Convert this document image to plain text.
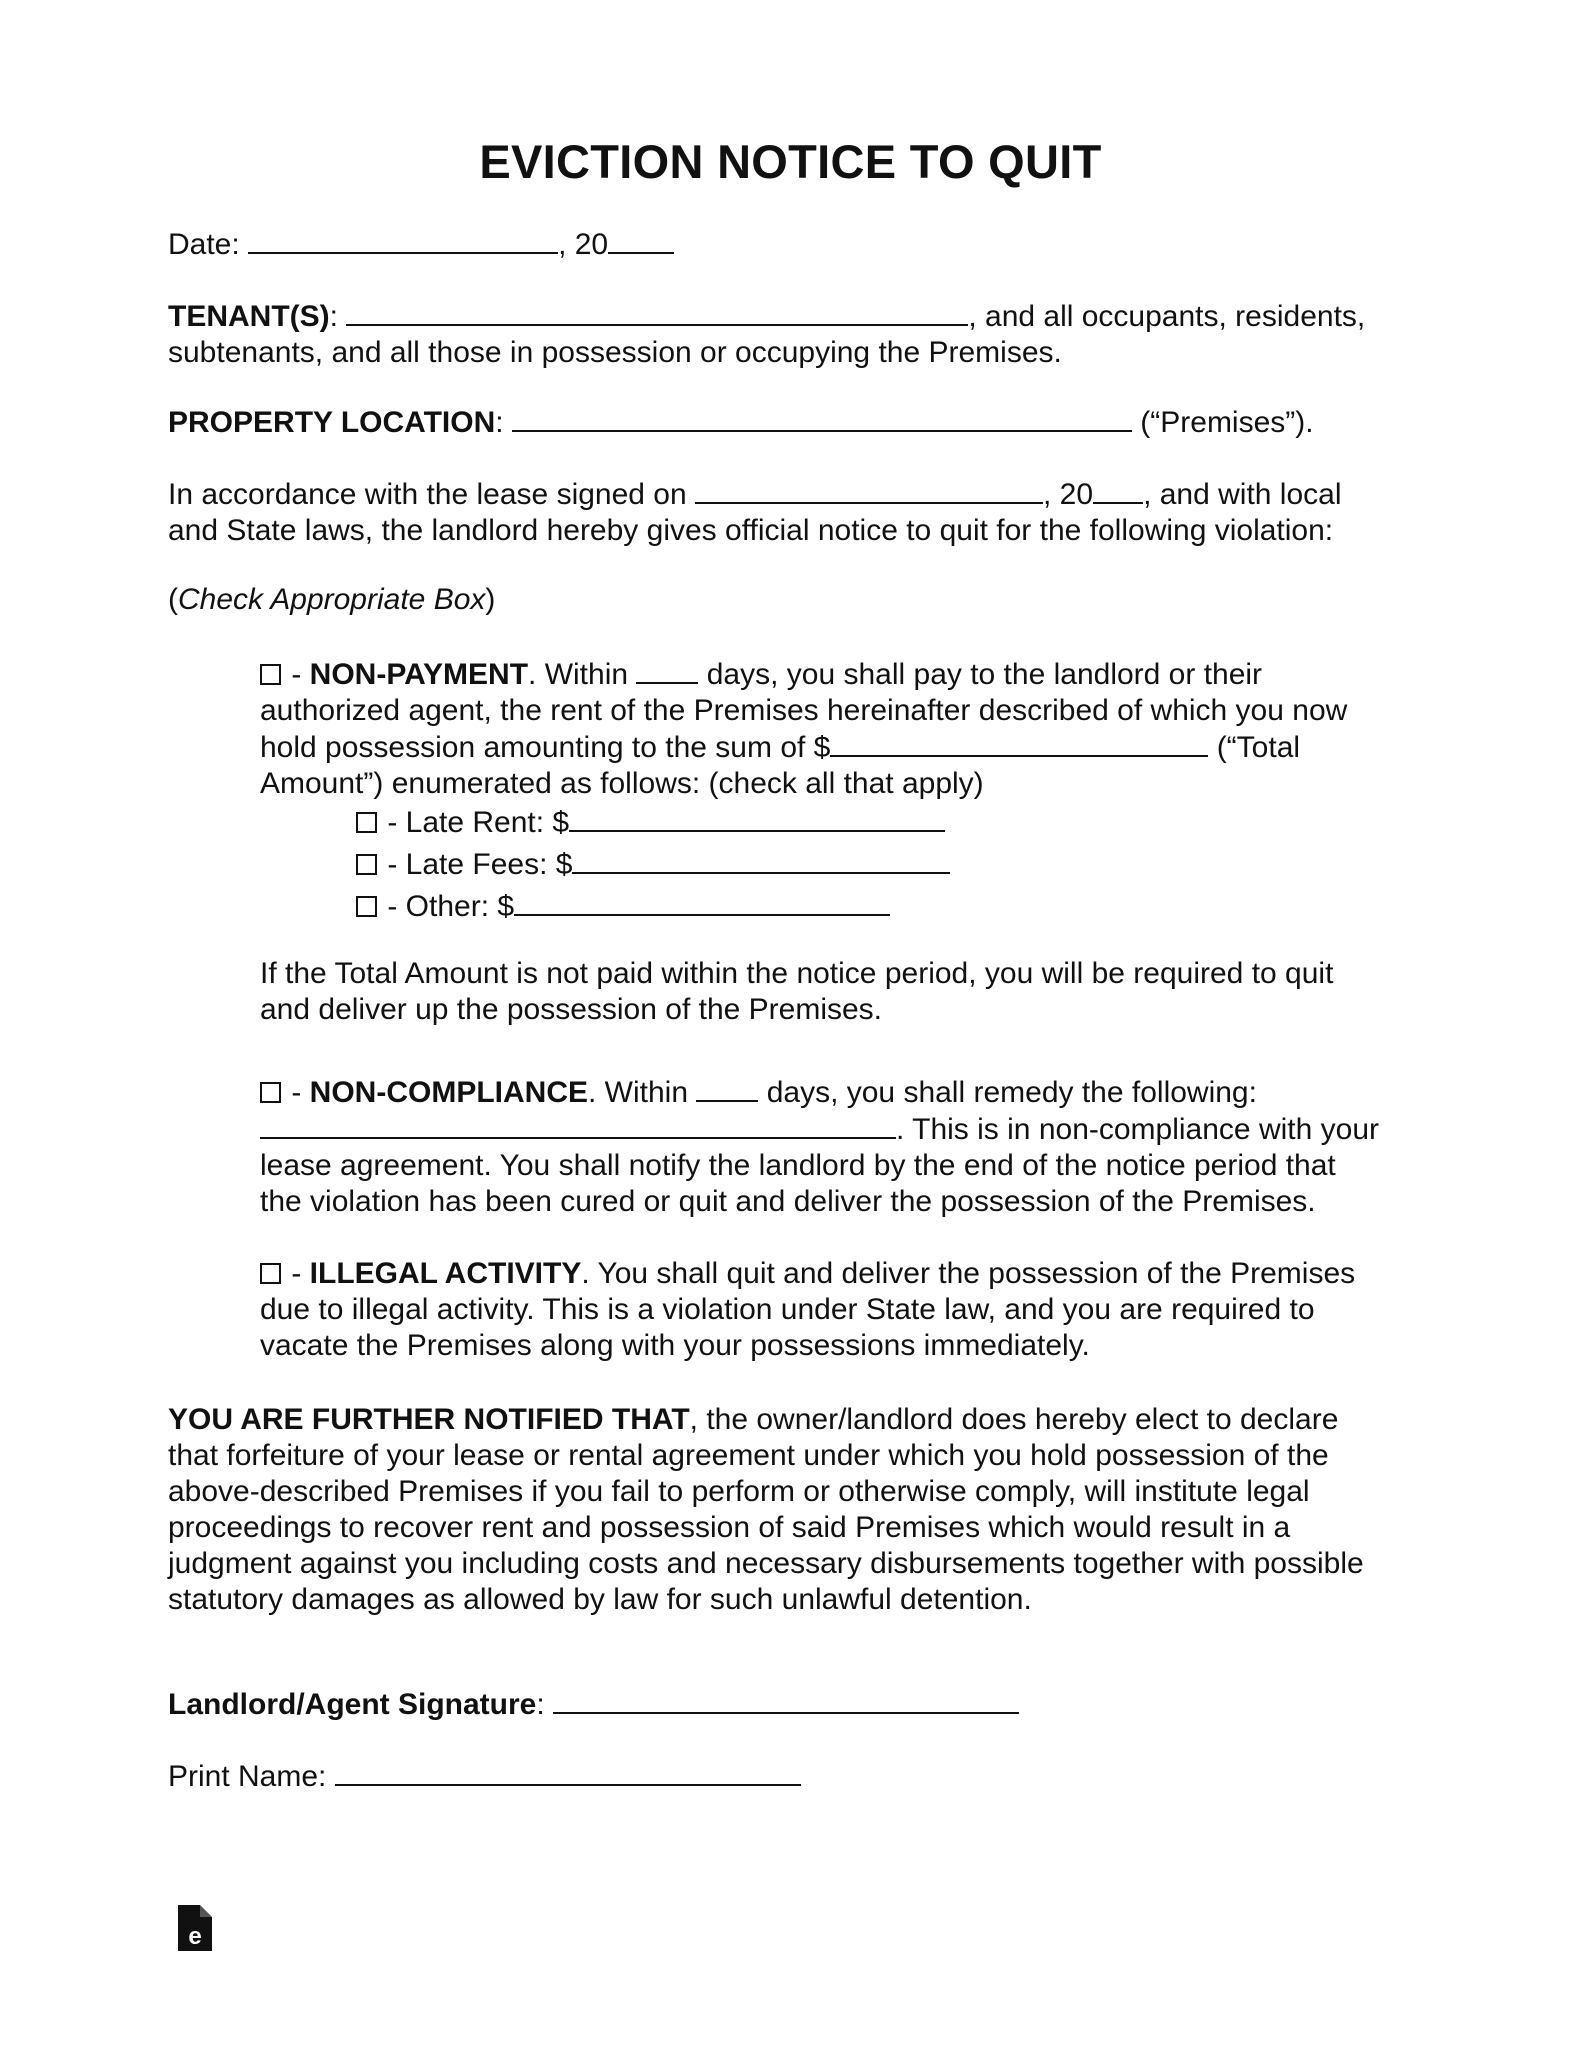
EVICTION NOTICE TO QUIT
Date:	, 20

TENANT(S):	, and all occupants, residents,

subtenants, and all those in possession or occupying the Premises.

PROPERTY LOCATION:	(“Premises”).

In accordance with the lease signed on	, 20 , and with local

and State laws, the landlord hereby gives official notice to quit for the following violation:

(Check Appropriate Box)

- NON-PAYMENT. Within  days, you shall pay to the landlord or their

authorized agent, the rent of the Premises hereinafter described of which you now

hold possession amounting to the sum of $	(“Total

Amount”) enumerated as follows: (check all that apply)

- Late Rent: $

- Late Fees: $

- Other: $

If the Total Amount is not paid within the notice period, you will be required to quit

and deliver up the possession of the Premises.

- NON-COMPLIANCE. Within  days, you shall remedy the following:

. This is in non-compliance with your

lease agreement. You shall notify the landlord by the end of the notice period that

the violation has been cured or quit and deliver the possession of the Premises.

- ILLEGAL ACTIVITY. You shall quit and deliver the possession of the Premises

due to illegal activity. This is a violation under State law, and you are required to

vacate the Premises along with your possessions immediately.

YOU ARE FURTHER NOTIFIED THAT, the owner/landlord does hereby elect to declare

that forfeiture of your lease or rental agreement under which you hold possession of the

above-described Premises if you fail to perform or otherwise comply, will institute legal

proceedings to recover rent and possession of said Premises which would result in a

judgment against you including costs and necessary disbursements together with possible

statutory damages as allowed by law for such unlawful detention.

Landlord/Agent Signature:
Print Name:
e
